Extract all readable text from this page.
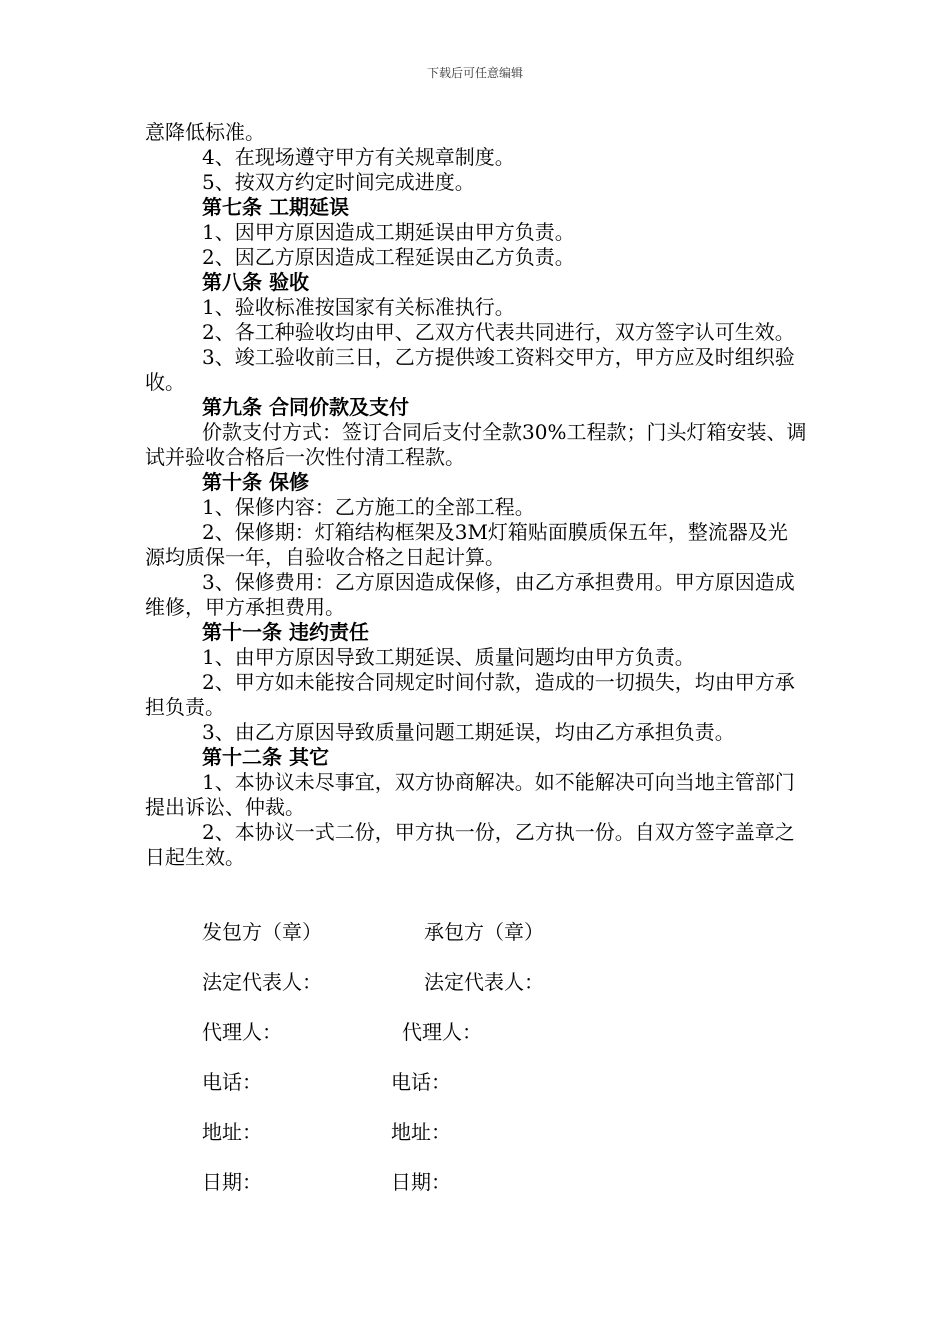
下载后可任意编辑

意降低标准。

4、在现场遵守甲方有关规章制度。

5、按双方约定时间完成进度。

第七条 工期延误

1、因甲方原因造成工期延误由甲方负责。

2、因乙方原因造成工程延误由乙方负责。

第八条 验收

1、验收标准按国家有关标准执行。

2、各工种验收均由甲、乙双方代表共同进行，双方签字认可生效。

3、竣工验收前三日，乙方提供竣工资料交甲方，甲方应及时组织验收。

第九条 合同价款及支付

价款支付方式：签订合同后支付全款30%工程款；门头灯箱安装、调试并验收合格后一次性付清工程款。

第十条 保修

1、保修内容：乙方施工的全部工程。

2、保修期：灯箱结构框架及3M灯箱贴面膜质保五年，整流器及光源均质保一年，自验收合格之日起计算。

3、保修费用：乙方原因造成保修，由乙方承担费用。甲方原因造成维修，甲方承担费用。

第十一条 违约责任

1、由甲方原因导致工期延误、质量问题均由甲方负责。

2、甲方如未能按合同规定时间付款，造成的一切损失，均由甲方承担负责。

3、由乙方原因导致质量问题工期延误，均由乙方承担负责。

第十二条 其它

1、本协议未尽事宜，双方协商解决。如不能解决可向当地主管部门提出诉讼、仲裁。

2、本协议一式二份，甲方执一份，乙方执一份。自双方签字盖章之日起生效。

发包方（章）	承包方（章）
法定代表人：	法定代表人：
代理人：	代理人：
电话：	电话：
地址：	地址：
日期：	日期：
